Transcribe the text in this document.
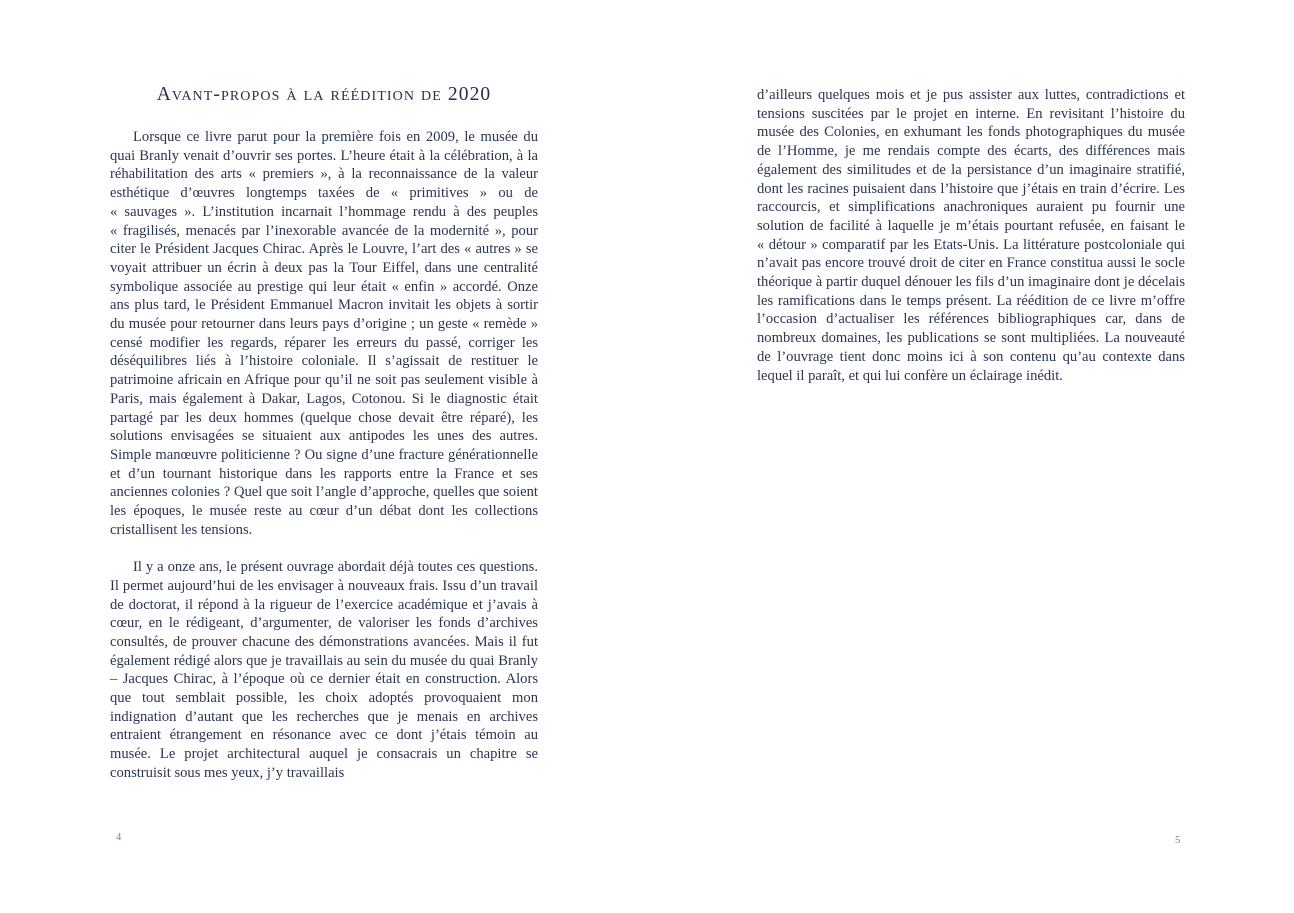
Avant-propos à la réédition de 2020

Lorsque ce livre parut pour la première fois en 2009, le musée du quai Branly venait d’ouvrir ses portes. L’heure était à la célébration, à la réhabilitation des arts « premiers », à la reconnaissance de la valeur esthétique d’œuvres longtemps taxées de « primitives » ou de « sauvages ». L’institution incarnait l’hommage rendu à des peuples « fragilisés, menacés par l’inexorable avancée de la modernité », pour citer le Président Jacques Chirac. Après le Louvre, l’art des « autres » se voyait attribuer un écrin à deux pas la Tour Eiffel, dans une centralité symbolique associée au prestige qui leur était « enfin » accordé. Onze ans plus tard, le Président Emmanuel Macron invitait les objets à sortir du musée pour retourner dans leurs pays d’origine ; un geste « remède » censé modifier les regards, réparer les erreurs du passé, corriger les déséquilibres liés à l’histoire coloniale. Il s’agissait de restituer le patrimoine africain en Afrique pour qu’il ne soit pas seulement visible à Paris, mais également à Dakar, Lagos, Cotonou. Si le diagnostic était partagé par les deux hommes (quelque chose devait être réparé), les solutions envisagées se situaient aux antipodes les unes des autres. Simple manœuvre politicienne ? Ou signe d’une fracture générationnelle et d’un tournant historique dans les rapports entre la France et ses anciennes colonies ? Quel que soit l’angle d’approche, quelles que soient les époques, le musée reste au cœur d’un débat dont les collections cristallisent les tensions.

Il y a onze ans, le présent ouvrage abordait déjà toutes ces questions. Il permet aujourd’hui de les envisager à nouveaux frais. Issu d’un travail de doctorat, il répond à la rigueur de l’exercice académique et j’avais à cœur, en le rédigeant, d’argumenter, de valoriser les fonds d’archives consultés, de prouver chacune des démonstrations avancées. Mais il fut également rédigé alors que je travaillais au sein du musée du quai Branly – Jacques Chirac, à l’époque où ce dernier était en construction. Alors que tout semblait possible, les choix adoptés provoquaient mon indignation d’autant que les recherches que je menais en archives entraient étrangement en résonance avec ce dont j’étais témoin au musée. Le projet architectural auquel je consacrais un chapitre se construisit sous mes yeux, j’y travaillais

4

d’ailleurs quelques mois et je pus assister aux luttes, contradictions et tensions suscitées par le projet en interne. En revisitant l’histoire du musée des Colonies, en exhumant les fonds photographiques du musée de l’Homme, je me rendais compte des écarts, des différences mais également des similitudes et de la persistance d’un imaginaire stratifié, dont les racines puisaient dans l’histoire que j’étais en train d’écrire. Les raccourcis, et simplifications anachroniques auraient pu fournir une solution de facilité à laquelle je m’étais pourtant refusée, en faisant le « détour » comparatif par les Etats-Unis. La littérature postcoloniale qui n’avait pas encore trouvé droit de citer en France constitua aussi le socle théorique à partir duquel dénouer les fils d’un imaginaire dont je décelais les ramifications dans le temps présent. La réédition de ce livre m’offre l’occasion d’actualiser les références bibliographiques car, dans de nombreux domaines, les publications se sont multipliées. La nouveauté de l’ouvrage tient donc moins ici à son contenu qu’au contexte dans lequel il paraît, et qui lui confère un éclairage inédit.

5
